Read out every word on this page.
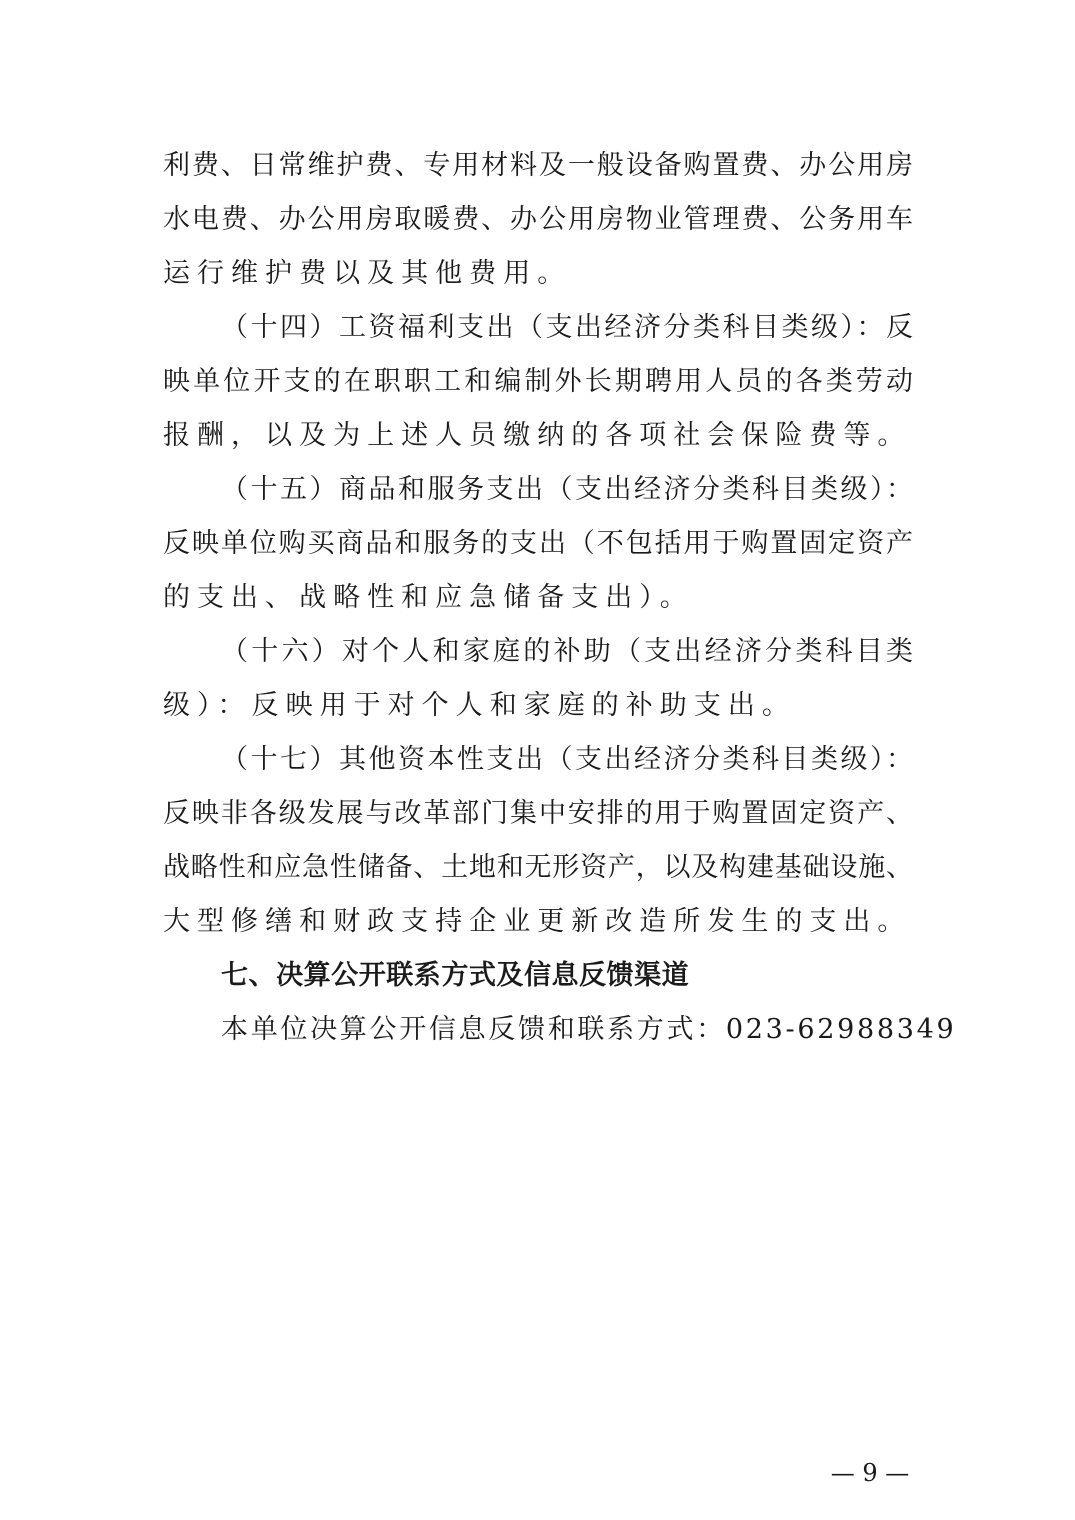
利费、日常维护费、专用材料及一般设备购置费、办公用房
水电费、办公用房取暖费、办公用房物业管理费、公务用车
运行维护费以及其他费用。
（十四）工资福利支出（支出经济分类科目类级）：反
映单位开支的在职职工和编制外长期聘用人员的各类劳动
报酬，以及为上述人员缴纳的各项社会保险费等。
（十五）商品和服务支出（支出经济分类科目类级）：
反映单位购买商品和服务的支出（不包括用于购置固定资产
的支出、战略性和应急储备支出）。
（十六）对个人和家庭的补助（支出经济分类科目类
级）：反映用于对个人和家庭的补助支出。
（十七）其他资本性支出（支出经济分类科目类级）：
反映非各级发展与改革部门集中安排的用于购置固定资产、
战略性和应急性储备、土地和无形资产，以及构建基础设施、
大型修缮和财政支持企业更新改造所发生的支出。
七、决算公开联系方式及信息反馈渠道
本单位决算公开信息反馈和联系方式：023-62988349
— 9 —
